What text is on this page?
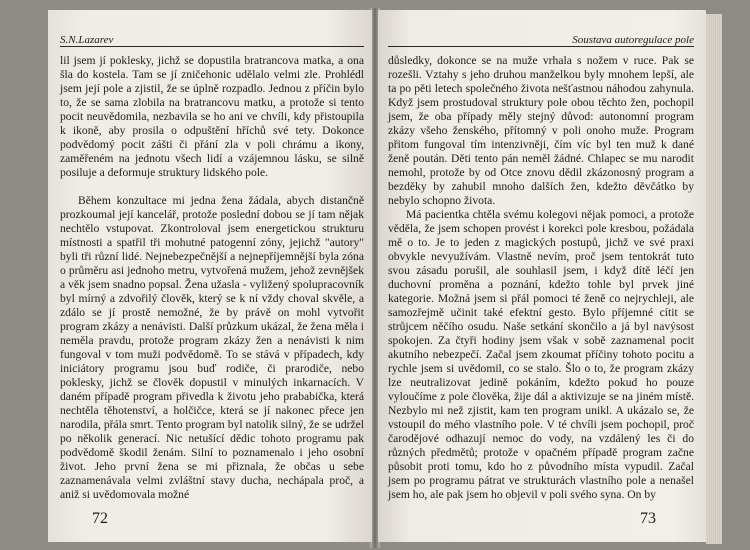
S.N.Lazarev

lil jsem jí poklesky, jichž se dopustila bratrancova matka, a ona šla do kostela. Tam se jí zničehonic udělalo velmi zle. Prohlédl jsem její pole a zjistil, že se úplně rozpadlo. Jednou z příčin bylo to, že se sama zlobila na bratrancovu matku, a protože si tento pocit neuvědomila, nezbavila se ho ani ve chvíli, kdy přistoupila k ikoně, aby prosila o odpuštění hříchů své tety. Dokonce podvědomý pocit zášti či přání zla v poli chrámu a ikony, zaměřeném na jednotu všech lidí a vzájemnou lásku, se silně posiluje a deformuje struktury lidského pole.

Během konzultace mi jedna žena žádala, abych distančně prozkoumal její kancelář, protože poslední dobou se jí tam nějak nechtělo vstupovat. Zkontroloval jsem energetickou strukturu místnosti a spatřil tři mohutné patogenní zóny, jejichž "autory" byli tři různí lidé. Nejnebezpečnější a nejnepříjemnější byla zóna o průměru asi jednoho metru, vytvořená mužem, jehož zevnějšek a věk jsem snadno popsal. Žena užasla - vyližený spolupracovník byl mírný a zdvořilý člověk, který se k ní vždy choval skvěle, a zdálo se jí prostě nemožné, že by právě on mohl vytvořit program zkázy a nenávisti. Další průzkum ukázal, že žena měla i neměla pravdu, protože program zkázy žen a nenávisti k nim fungoval v tom muži podvědomě. To se stává v případech, kdy iniciátory programu jsou buď rodiče, či prarodiče, nebo poklesky, jichž se člověk dopustil v minulých inkarnacích. V daném případě program přivedla k životu jeho prababička, která nechtěla těhotenství, a holčičce, která se jí nakonec přece jen narodila, přála smrt. Tento program byl natolik silný, že se udržel po několik generací. Nic netušící dědic tohoto programu pak podvědomě škodil ženám. Silní to poznamenalo i jeho osobní život. Jeho první žena se mi přiznala, že občas u sebe zaznamenávala velmi zvláštní stavy ducha, nechápala proč, a aniž si uvědomovala možné

72
Soustava autoregulace pole

důsledky, dokonce se na muže vrhala s nožem v ruce. Pak se rozešli. Vztahy s jeho druhou manželkou byly mnohem lepší, ale ta po pěti letech společného života nešťastnou náhodou zahynula. Když jsem prostudoval struktury pole obou těchto žen, pochopil jsem, že oba případy měly stejný důvod: autonomní program zkázy všeho ženského, přítomný v poli onoho muže. Program přitom fungoval tím intenzivněji, čím víc byl ten muž k dané ženě poután. Děti tento pán neměl žádné. Chlapec se mu narodit nemohl, protože by od Otce znovu dědil zkázonosný program a bezděky by zahubil mnoho dalších žen, kdežto děvčátko by nebylo schopno života.

Má pacientka chtěla svému kolegovi nějak pomoci, a protože věděla, že jsem schopen provést i korekci pole kresbou, požádala mě o to. Je to jeden z magických postupů, jichž ve své praxi obvykle nevyužívám. Vlastně nevím, proč jsem tentokrát tuto svou zásadu porušil, ale souhlasil jsem, i když dítě léčí jen duchovní proměna a poznání, kdežto tohle byl prvek jiné kategorie. Možná jsem si přál pomoci té ženě co nejrychleji, ale samozřejmě učinit také efektní gesto. Bylo příjemné cítit se strůjcem něčího osudu. Naše setkání skončilo a já byl navýsost spokojen. Za čtyři hodiny jsem však v sobě zaznamenal pocit akutního nebezpečí. Začal jsem zkoumat příčiny tohoto pocitu a rychle jsem si uvědomil, co se stalo. Šlo o to, že program zkázy lze neutralizovat jedině pokáním, kdežto pokud ho pouze vyloučíme z pole člověka, žije dál a aktivizuje se na jiném místě. Nezbylo mi než zjistit, kam ten program unikl. A ukázalo se, že vstoupil do mého vlastního pole. V té chvíli jsem pochopil, proč čarodějové odhazují nemoc do vody, na vzdálený les či do různých předmětů; protože v opačném případě program začne působit proti tomu, kdo ho z původního místa vypudil. Začal jsem po programu pátrat ve strukturách vlastního pole a nenašel jsem ho, ale pak jsem ho objevil v poli svého syna. On by

73
